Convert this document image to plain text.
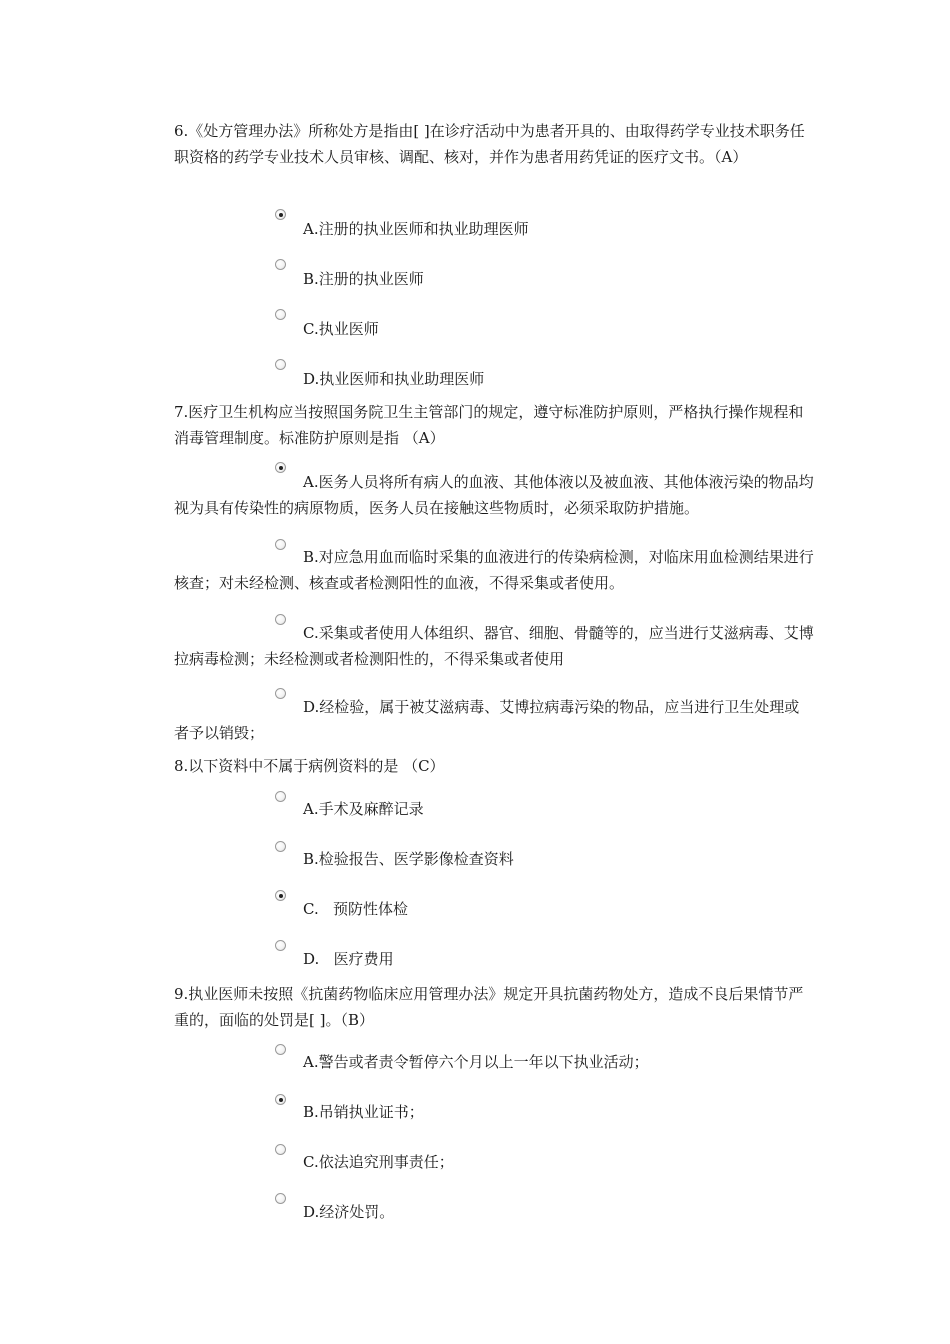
6.《处方管理办法》所称处方是指由[ ]在诊疗活动中为患者开具的、由取得药学专业技术职务任职资格的药学专业技术人员审核、调配、核对，并作为患者用药凭证的医疗文书。（A）
A.注册的执业医师和执业助理医师
B.注册的执业医师
C.执业医师
D.执业医师和执业助理医师
7.医疗卫生机构应当按照国务院卫生主管部门的规定，遵守标准防护原则，严格执行操作规程和消毒管理制度。标准防护原则是指 （A）
A.医务人员将所有病人的血液、其他体液以及被血液、其他体液污染的物品均视为具有传染性的病原物质，医务人员在接触这些物质时，必须采取防护措施。
B.对应急用血而临时采集的血液进行的传染病检测，对临床用血检测结果进行核查；对未经检测、核查或者检测阳性的血液，不得采集或者使用。
C.采集或者使用人体组织、器官、细胞、骨髓等的，应当进行艾滋病毒、艾博拉病毒检测；未经检测或者检测阳性的，不得采集或者使用
D.经检验，属于被艾滋病毒、艾博拉病毒污染的物品，应当进行卫生处理或者予以销毁；
8.以下资料中不属于病例资料的是 （C）
A.手术及麻醉记录
B.检验报告、医学影像检查资料
C.   预防性体检
D.   医疗费用
9.执业医师未按照《抗菌药物临床应用管理办法》规定开具抗菌药物处方，造成不良后果情节严重的，面临的处罚是[ ]。（B）
A.警告或者责令暂停六个月以上一年以下执业活动；
B.吊销执业证书；
C.依法追究刑事责任；
D.经济处罚。
